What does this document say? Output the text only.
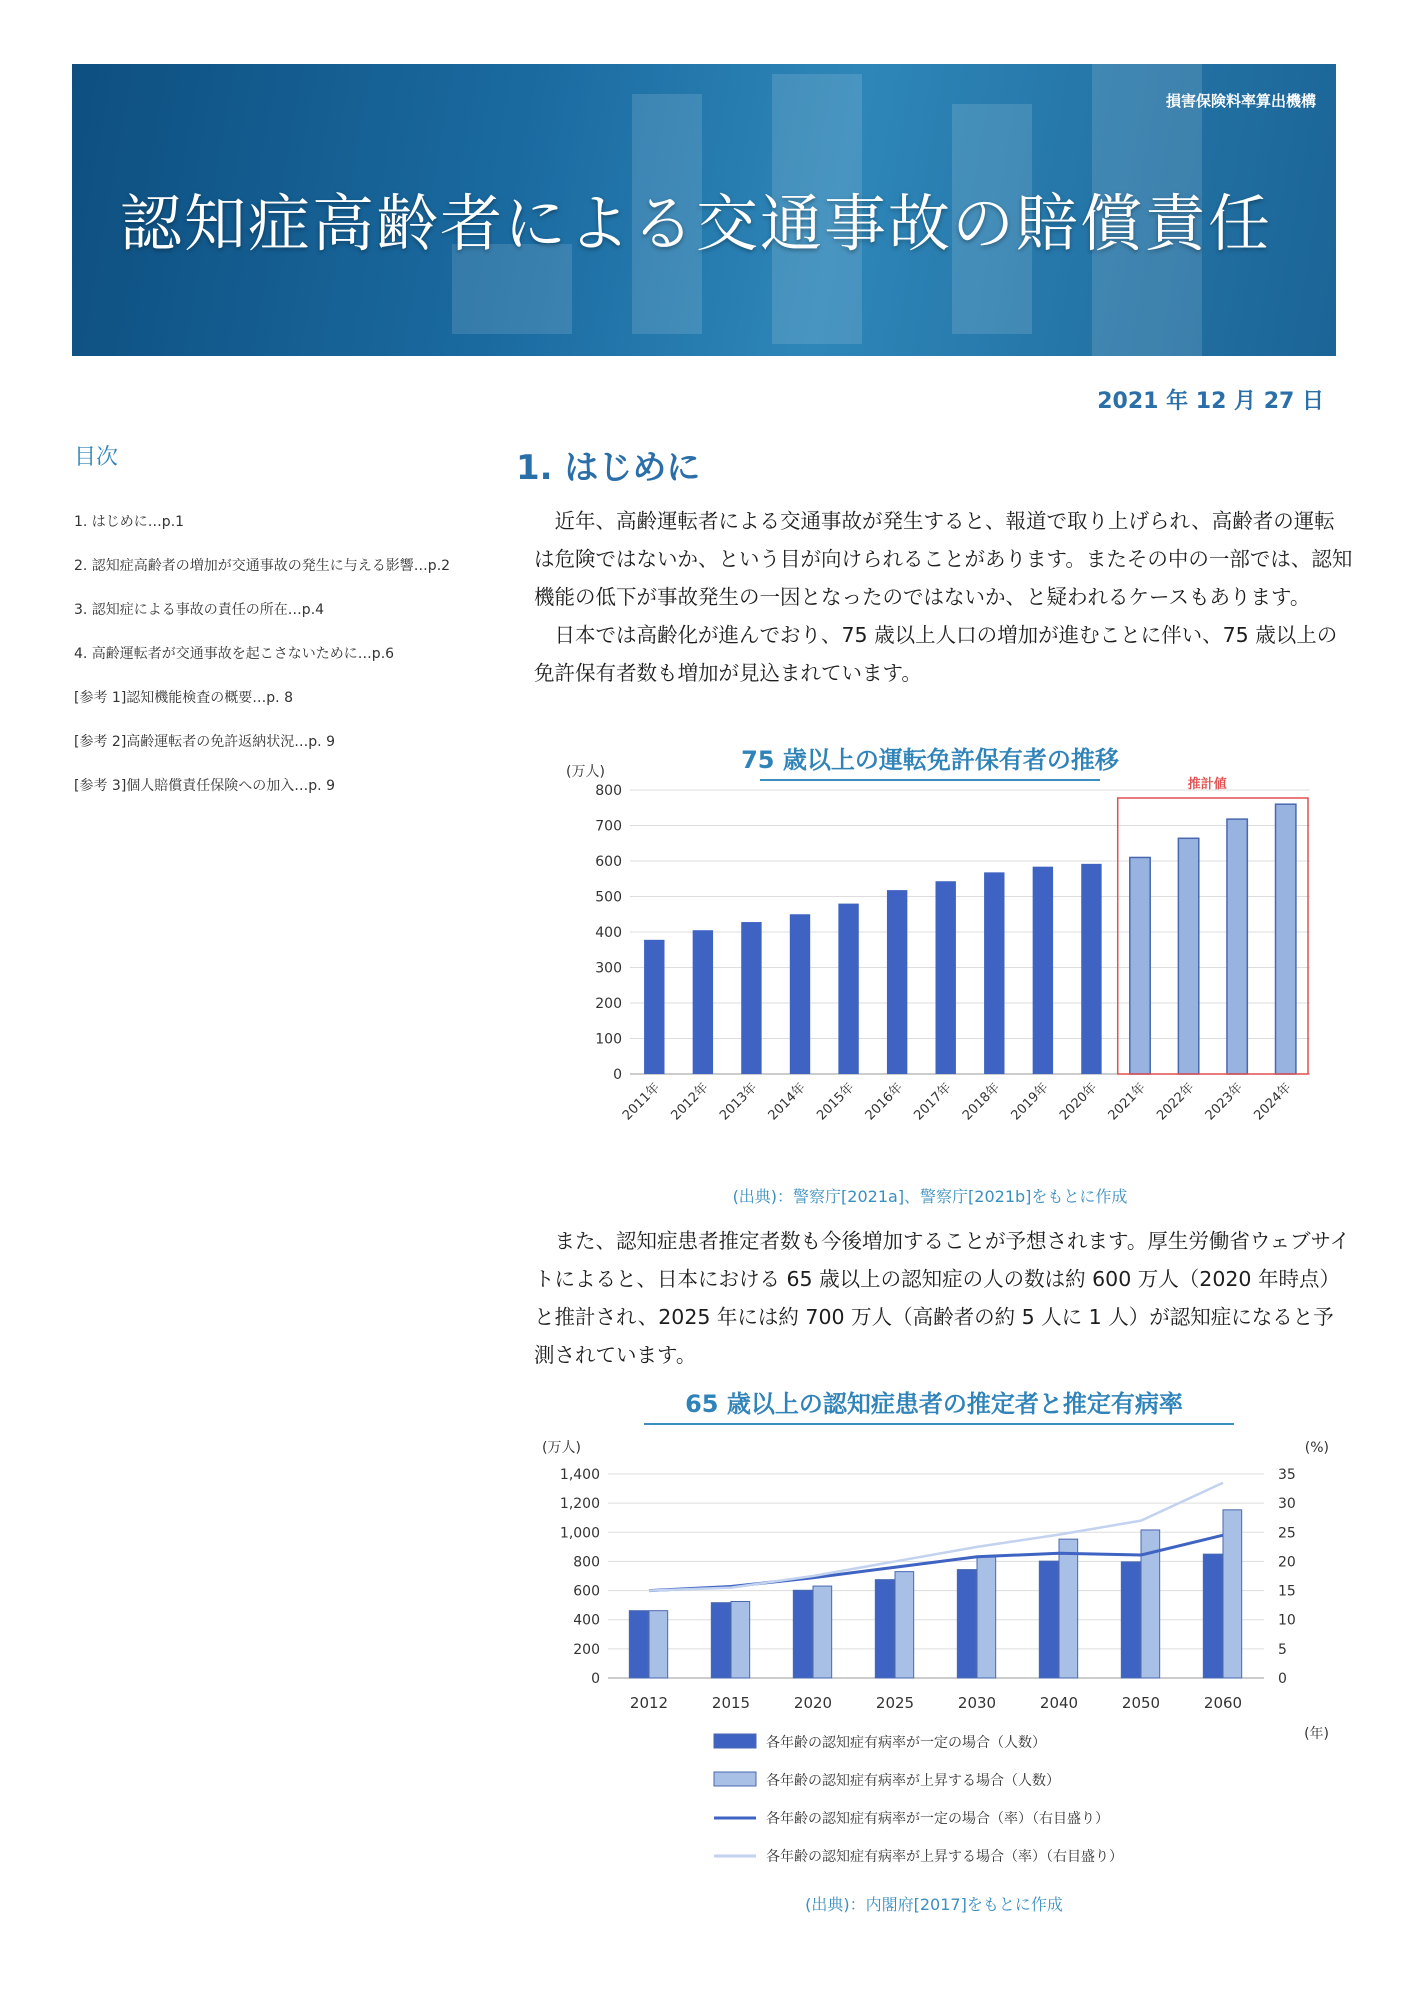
損害保険料率算出機構
認知症高齢者による交通事故の賠償責任
2021 年 12 月 27 日
目次
1. はじめに…p.1
2. 認知症高齢者の増加が交通事故の発生に与える影響…p.2
3. 認知症による事故の責任の所在…p.4
4. 高齢運転者が交通事故を起こさないために…p.6
[参考 1]認知機能検査の概要…p. 8
[参考 2]高齢運転者の免許返納状況…p. 9
[参考 3]個人賠償責任保険への加入…p. 9
1. はじめに

近年、高齢運転者による交通事故が発生すると、報道で取り上げられ、高齢者の運転は危険ではないか、という目が向けられることがあります。またその中の一部では、認知機能の低下が事故発生の一因となったのではないか、と疑われるケースもあります。

日本では高齢化が進んでおり、75 歳以上人口の増加が進むことに伴い、75 歳以上の免許保有者数も増加が見込まれています。

75 歳以上の運転免許保有者の推移
(万人)
0
100
200
300
400
500
600
700
800
2011年 2012年 2013年 2014年 2015年 2016年 2017年 2018年 2019年 2020年 2021年 2022年 2023年 2024年
推計値
(出典)：警察庁[2021a]、警察庁[2021b]をもとに作成

また、認知症患者推定者数も今後増加することが予想されます。厚生労働省ウェブサイトによると、日本における 65 歳以上の認知症の人の数は約 600 万人（2020 年時点）と推計され、2025 年には約 700 万人（高齢者の約 5 人に 1 人）が認知症になると予測されています。

65 歳以上の認知症患者の推定者と推定有病率
(万人)	(%)
0	0
200	5
400	10
600	15
800	20
1,000	25
1,200	30
1,400	35
2012	2015	2020	2025	2030	2040	2050	2060
(年)
各年齢の認知症有病率が一定の場合（人数）
各年齢の認知症有病率が上昇する場合（人数）
各年齢の認知症有病率が一定の場合（率）（右目盛り）
各年齢の認知症有病率が上昇する場合（率）（右目盛り）
(出典)：内閣府[2017]をもとに作成
